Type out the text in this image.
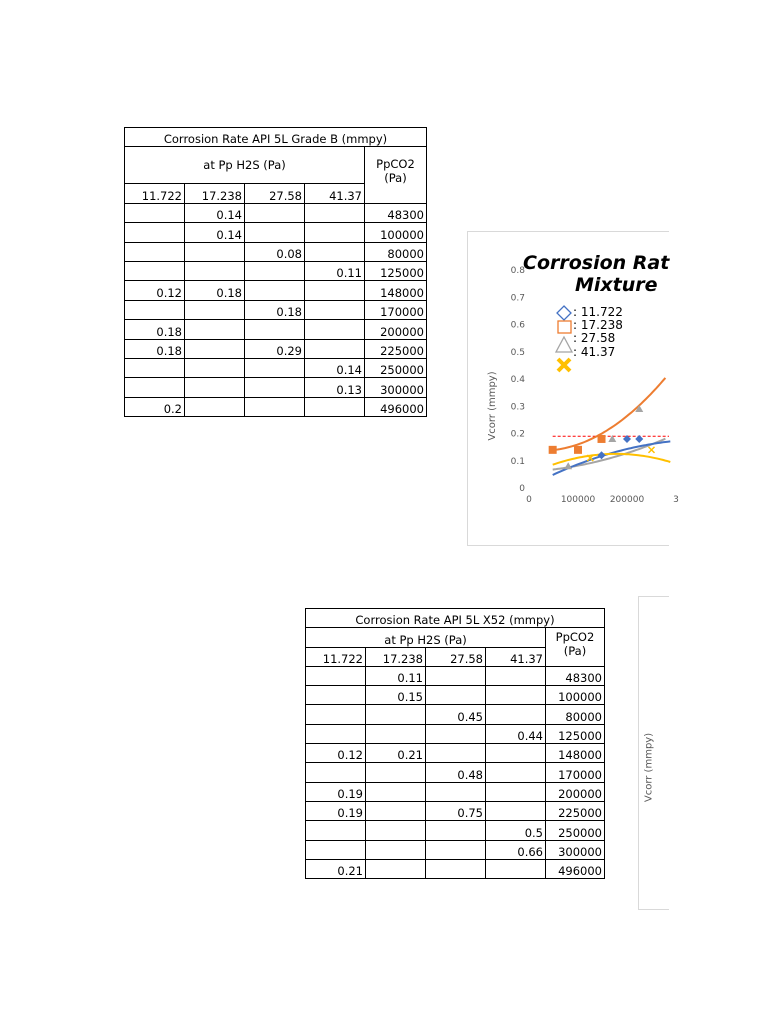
Corrosion Rate API 5L Grade B (mmpy)				
at Pp H2S (Pa)				PpCO2
(Pa)
11.722	17.238	27.58	41.37	
	0.14			48300
	0.14			100000
		0.08		80000
			0.11	125000
0.12	0.18			148000
		0.18		170000
0.18				200000
0.18		0.29		225000
			0.14	250000
			0.13	300000
0.2				496000
Corrosion Rat
Mixture
Vcorr (mmpy)
0
0.1
0.2
0.3
0.4
0.5
0.6
0.7
0.8
0	100000 200000	3
: 11.722
: 17.238
: 27.58
: 41.37
Corrosion Rate API 5L X52 (mmpy)				
at Pp H2S (Pa)				PpCO2
(Pa)
11.722	17.238	27.58	41.37	
	0.11			48300
	0.15			100000
		0.45		80000
			0.44	125000
0.12	0.21			148000
		0.48		170000
0.19				200000
0.19		0.75		225000
			0.5	250000
			0.66	300000
0.21				496000
Vcorr (mmpy)
